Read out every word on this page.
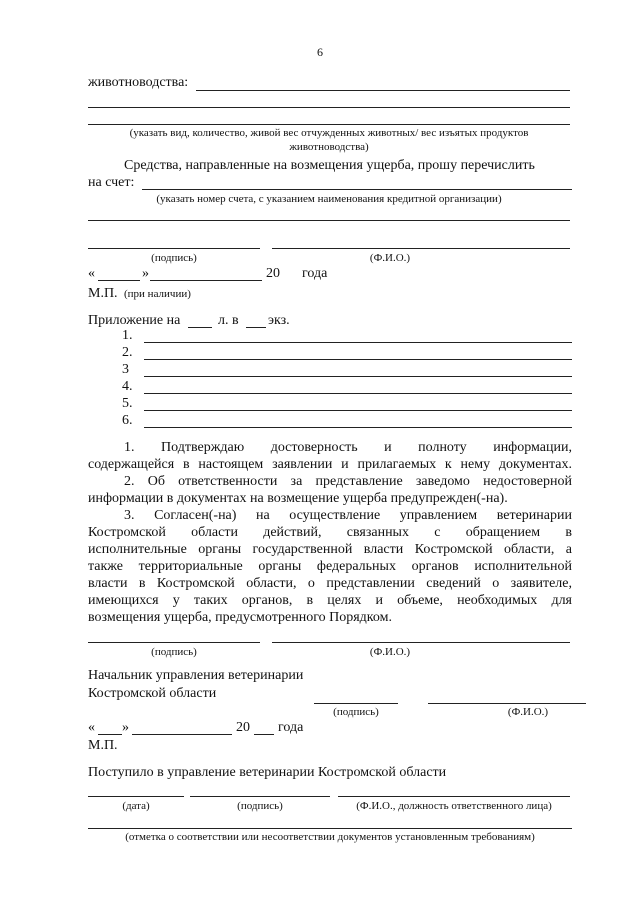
6
животноводства:
(указать вид, количество, живой вес отчужденных животных/ вес изъятых продуктов
животноводства)
Средства, направленные на возмещения ущерба, прошу перечислить
на счет:
(указать номер счета, с указанием наименования кредитной организации)
(подпись)	(Ф.И.О.)
«	»	20 года
М.П. (при наличии)
Приложение на	л. в экз.
1.
2.
3
4.
5.
6.
1. Подтверждаю достоверность и полноту информации,
содержащейся в настоящем заявлении и прилагаемых к нему документах.
2. Об ответственности за представление заведомо недостоверной
информации в документах на возмещение ущерба предупрежден(-на).
3. Согласен(-на) на осуществление управлением ветеринарии
Костромской области действий, связанных с обращением в
исполнительные органы государственной власти Костромской области, а
также территориальные органы федеральных органов исполнительной
власти в Костромской области, о представлении сведений о заявителе,
имеющихся у таких органов, в целях и объеме, необходимых для
возмещения ущерба, предусмотренного Порядком.
(подпись)	(Ф.И.О.)
Начальник управления ветеринарии
Костромской области
(подпись)	(Ф.И.О.)
« »	20 года
М.П.
Поступило в управление ветеринарии Костромской области
(дата)	(подпись)	(Ф.И.О., должность ответственного лица)
(отметка о соответствии или несоответствии документов установленным требованиям)
